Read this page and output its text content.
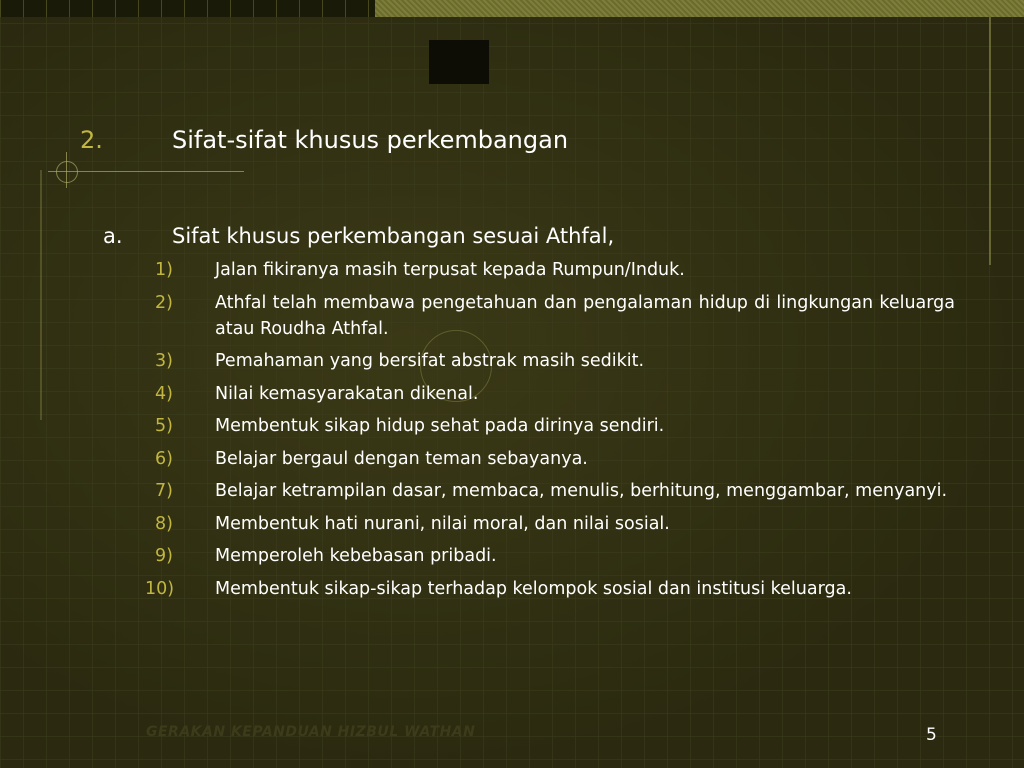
2.	Sifat-sifat khusus perkembangan
a. Sifat khusus perkembangan sesuai Athfal,
1)	Jalan fikiranya masih terpusat kepada Rumpun/Induk.
2)	Athfal telah membawa pengetahuan dan pengalaman hidup di lingkungan keluarga atau Roudha Athfal.
3)	Pemahaman yang bersifat abstrak masih sedikit.
4)	Nilai kemasyarakatan dikenal.
5)	Membentuk sikap hidup sehat pada dirinya sendiri.
6)	Belajar bergaul dengan teman sebayanya.
7)	Belajar ketrampilan dasar, membaca, menulis, berhitung, menggambar, menyanyi.
8)	Membentuk hati nurani, nilai moral, dan nilai sosial.
9)	Memperoleh kebebasan pribadi.
10)	Membentuk sikap-sikap terhadap kelompok sosial dan institusi keluarga.
GERAKAN KEPANDUAN HIZBUL WATHAN	5
